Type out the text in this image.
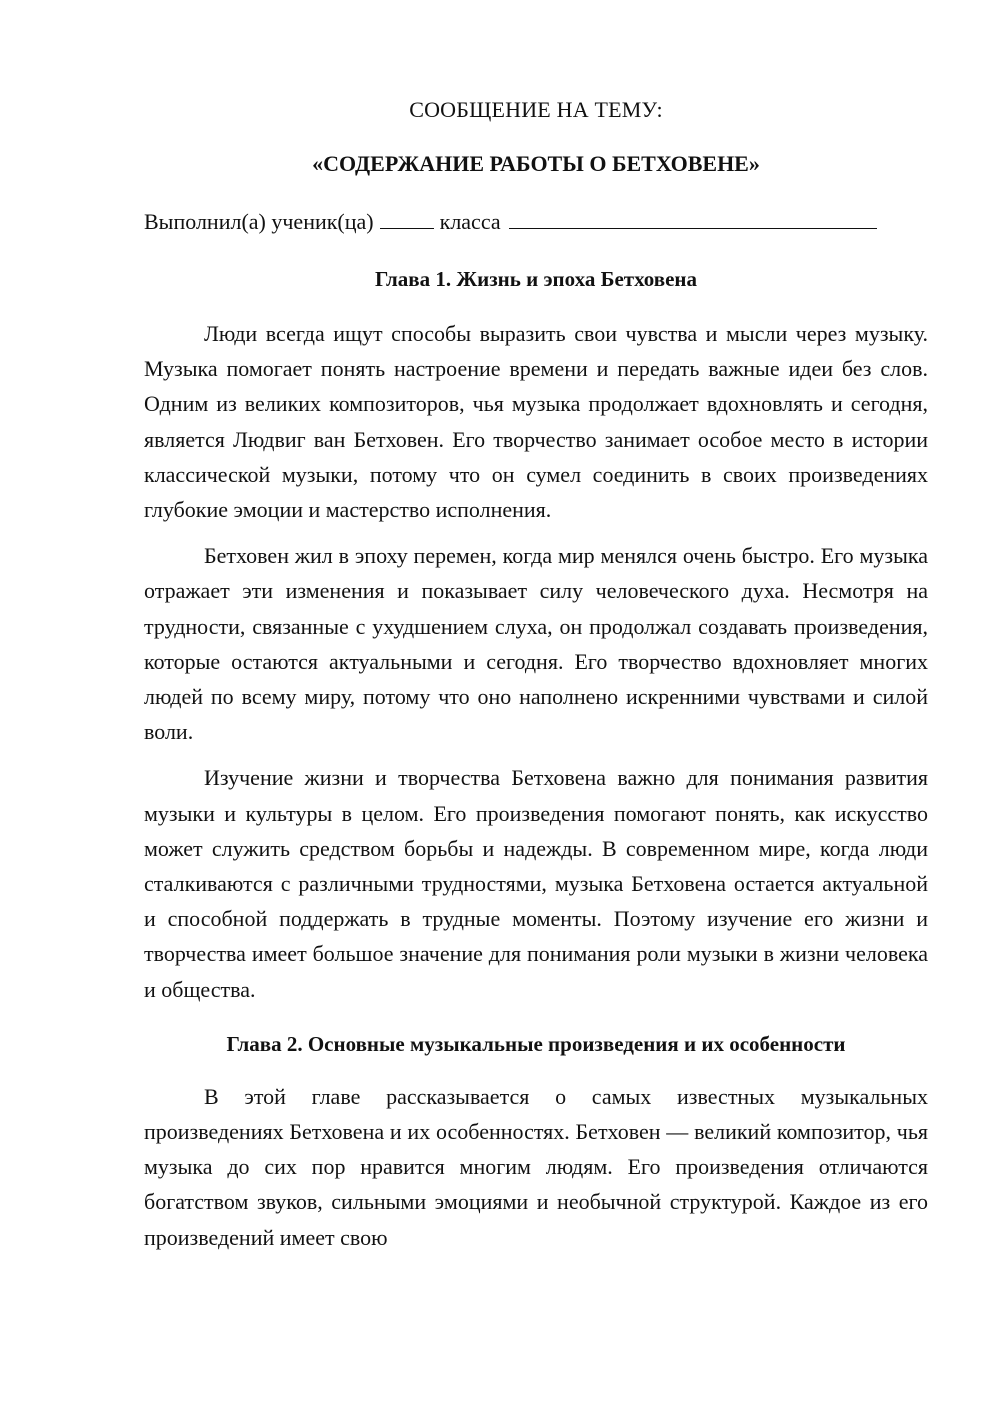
СООБЩЕНИЕ НА ТЕМУ:

«СОДЕРЖАНИЕ РАБОТЫ О БЕТХОВЕНЕ»

Выполнил(а) ученик(ца)	класса

Глава 1. Жизнь и эпоха Бетховена

Люди всегда ищут способы выразить свои чувства и мысли через музыку. Музыка помогает понять настроение времени и передать важные идеи без слов. Одним из великих композиторов, чья музыка продолжает вдохновлять и сегодня, является Людвиг ван Бетховен. Его творчество занимает особое место в истории классической музыки, потому что он сумел соединить в своих произведениях глубокие эмоции и мастерство исполнения.

Бетховен жил в эпоху перемен, когда мир менялся очень быстро. Его музыка отражает эти изменения и показывает силу человеческого духа. Несмотря на трудности, связанные с ухудшением слуха, он продолжал создавать произведения, которые остаются актуальными и сегодня. Его творчество вдохновляет многих людей по всему миру, потому что оно наполнено искренними чувствами и силой воли.

Изучение жизни и творчества Бетховена важно для понимания развития музыки и культуры в целом. Его произведения помогают понять, как искусство может служить средством борьбы и надежды. В современном мире, когда люди сталкиваются с различными трудностями, музыка Бетховена остается актуальной и способной поддержать в трудные моменты. Поэтому изучение его жизни и творчества имеет большое значение для понимания роли музыки в жизни человека и общества.

Глава 2. Основные музыкальные произведения и их особенности

В этой главе рассказывается о самых известных музыкальных произведениях Бетховена и их особенностях. Бетховен — великий композитор, чья музыка до сих пор нравится многим людям. Его произведения отличаются богатством звуков, сильными эмоциями и необычной структурой. Каждое из его произведений имеет свою
